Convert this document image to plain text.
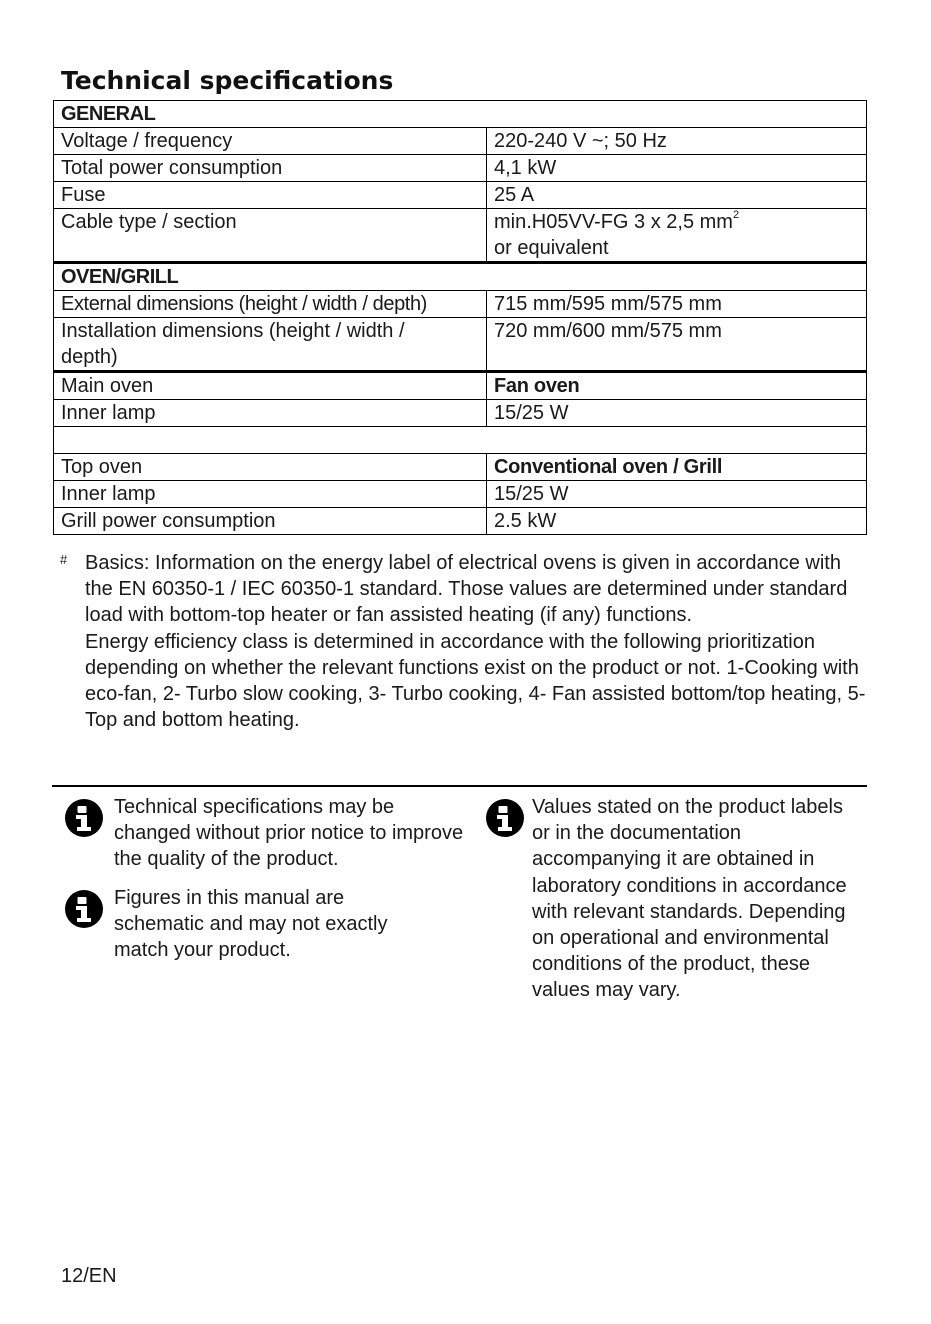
Technical specifications
GENERAL	
Voltage / frequency	220-240 V ~; 50 Hz
Total power consumption	4,1 kW
Fuse	25 A
Cable type / section	min.H05VV-FG 3 x 2,5 $mm^2$
or equivalent
OVEN/GRILL	
External dimensions (height / width / depth)	715 mm/595 mm/575 mm
Installation dimensions (height / width / depth)	720 mm/600 mm/575 mm
Main oven	Fan oven
Inner lamp	15/25 W

Top oven	Conventional oven / Grill
Inner lamp	15/25 W
Grill power consumption	2.5 kW
# Basics: Information on the energy label of electrical ovens is given in accordance with the EN 60350-1 / IEC 60350-1 standard. Those values are determined under standard load with bottom-top heater or fan assisted heating (if any) functions.

Energy efficiency class is determined in accordance with the following prioritization depending on whether the relevant functions exist on the product or not. 1-Cooking with eco-fan, 2- Turbo slow cooking, 3- Turbo cooking, 4- Fan assisted bottom/top heating, 5-Top and bottom heating.

Technical specifications may be changed without prior notice to improve the quality of the product.
Figures in this manual are schematic and may not exactly match your product.
Values stated on the product labels or in the documentation accompanying it are obtained in laboratory conditions in accordance with relevant standards. Depending on operational and environmental conditions of the product, these values may vary.
12/EN
